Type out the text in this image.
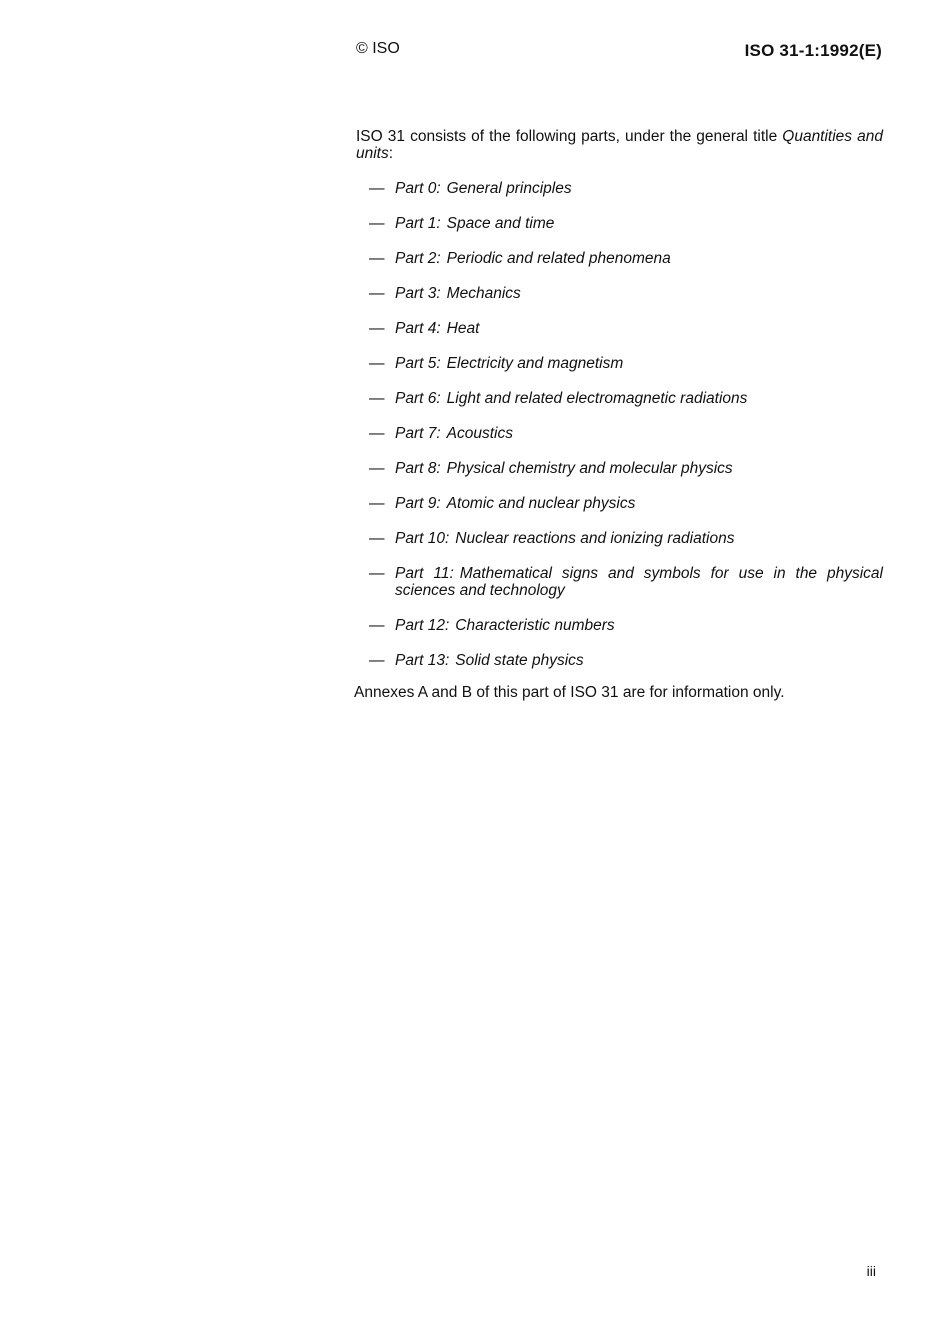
© ISO	ISO 31-1:1992(E)

ISO 31 consists of the following parts, under the general title Quantities and units:

— Part 0: General principles
— Part 1: Space and time
— Part 2: Periodic and related phenomena
— Part 3: Mechanics
— Part 4: Heat
— Part 5: Electricity and magnetism
— Part 6: Light and related electromagnetic radiations
— Part 7: Acoustics
— Part 8: Physical chemistry and molecular physics
— Part 9: Atomic and nuclear physics
— Part 10: Nuclear reactions and ionizing radiations
— Part 11: Mathematical signs and symbols for use in the physical sciences and technology
— Part 12: Characteristic numbers
— Part 13: Solid state physics
Annexes A and B of this part of ISO 31 are for information only.
iii
